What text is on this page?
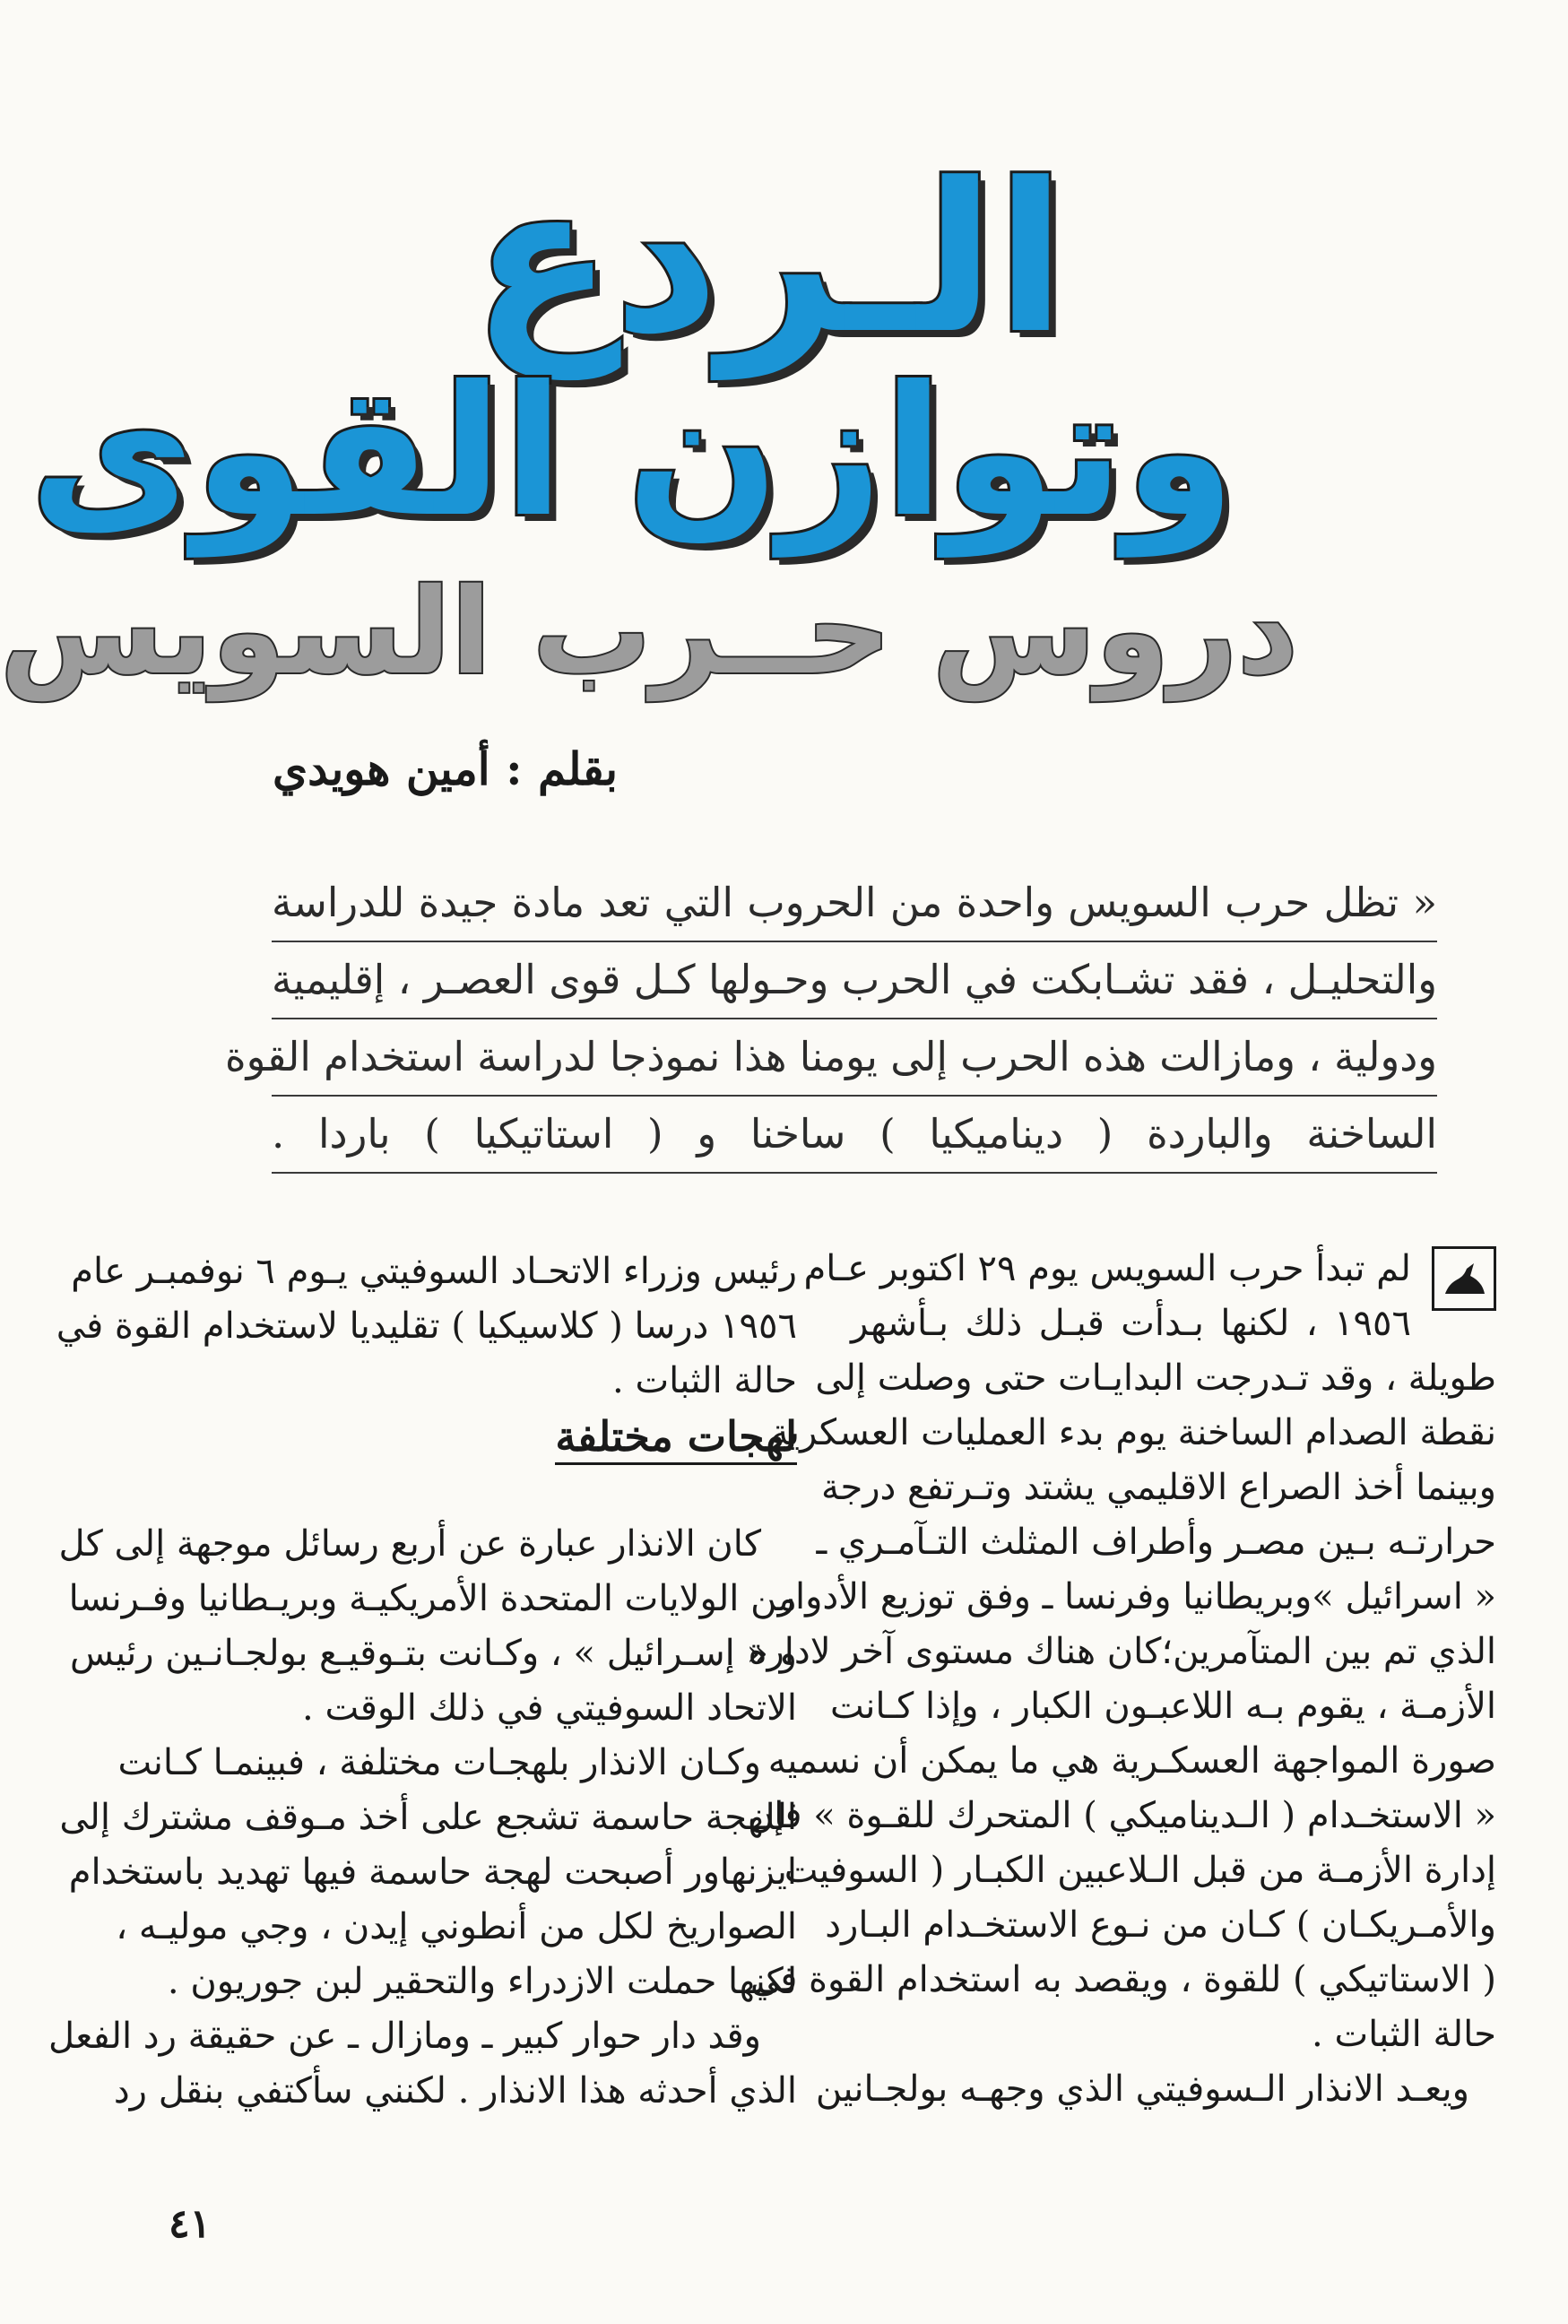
الـردع
وتوازن القوى
دروس حــرب السويس
بقلم : أمين هويدي
« تظل حرب السويس واحدة من الحروب التي تعد مادة جيدة للدراسة
والتحليـل ، فقد تشـابكت في الحرب وحـولها كـل قوى العصـر ، إقليمية
ودولية ، ومازالت هذه الحرب إلى يومنا هذا نموذجا لدراسة استخدام القوة
الساخنة والباردة ( ديناميكيا ) ساخنا و ( استاتيكيا ) باردا .

لم تبدأ حرب السويس يوم ٢٩ اكتوبر عـام

١٩٥٦ ، لكنها بـدأت قبـل ذلك بـأشهر

طويلة ، وقد تـدرجت البدايـات حتى وصلت إلى

نقطة الصدام الساخنة يوم بدء العمليات العسكرية ،

وبينما أخذ الصراع الاقليمي يشتد وتـرتفع درجة

حرارتـه بـين مصـر وأطراف المثلث التـآمـري ـ

« اسرائيل »وبريطانيا وفرنسا ـ وفق توزيع الأدوار

الذي تم بين المتآمرين؛كان هناك مستوى آخر لادارة

الأزمـة ، يقوم بـه اللاعبـون الكبار ، وإذا كـانت

صورة المواجهة العسكـرية هي ما يمكن أن نسميه

« الاستخـدام ( الـديناميكي ) المتحرك للقـوة » فإن

إدارة الأزمـة من قبل الـلاعبين الكبـار ( السوفيت

والأمـريكـان ) كـان من نـوع الاستخـدام البـارد

( الاستاتيكي ) للقوة ، ويقصد به استخدام القوة في

حالة الثبات .

ويعـد الانذار الـسوفيتي الذي وجهـه بولجـانين

رئيس وزراء الاتحـاد السوفيتي يـوم ٦ نوفمبـر عام

١٩٥٦ درسا ( كلاسيكيا ) تقليديا لاستخدام القوة في

حالة الثبات .

لهجات مختلفة

كان الانذار عبارة عن أربع رسائل موجهة إلى كل

من الولايات المتحدة الأمريكيـة وبريـطانيا وفـرنسا

و « إسـرائيل » ، وكـانت بتـوقيـع بولجـانـين رئيس

الاتحاد السوفيتي في ذلك الوقت .

وكـان الانذار بلهجـات مختلفة ، فبينمـا كـانت

اللهجة حاسمة تشجع على أخذ مـوقف مشترك إلى

ايزنهاور أصبحت لهجة حاسمة فيها تهديد باستخدام

الصواريخ لكل من أنطوني إيدن ، وجي موليـه ،

لكنها حملت الازدراء والتحقير لبن جوريون .

وقد دار حوار كبير ـ ومازال ـ عن حقيقة رد الفعل

الذي أحدثه هذا الانذار . لكنني سأكتفي بنقل رد

٤١
